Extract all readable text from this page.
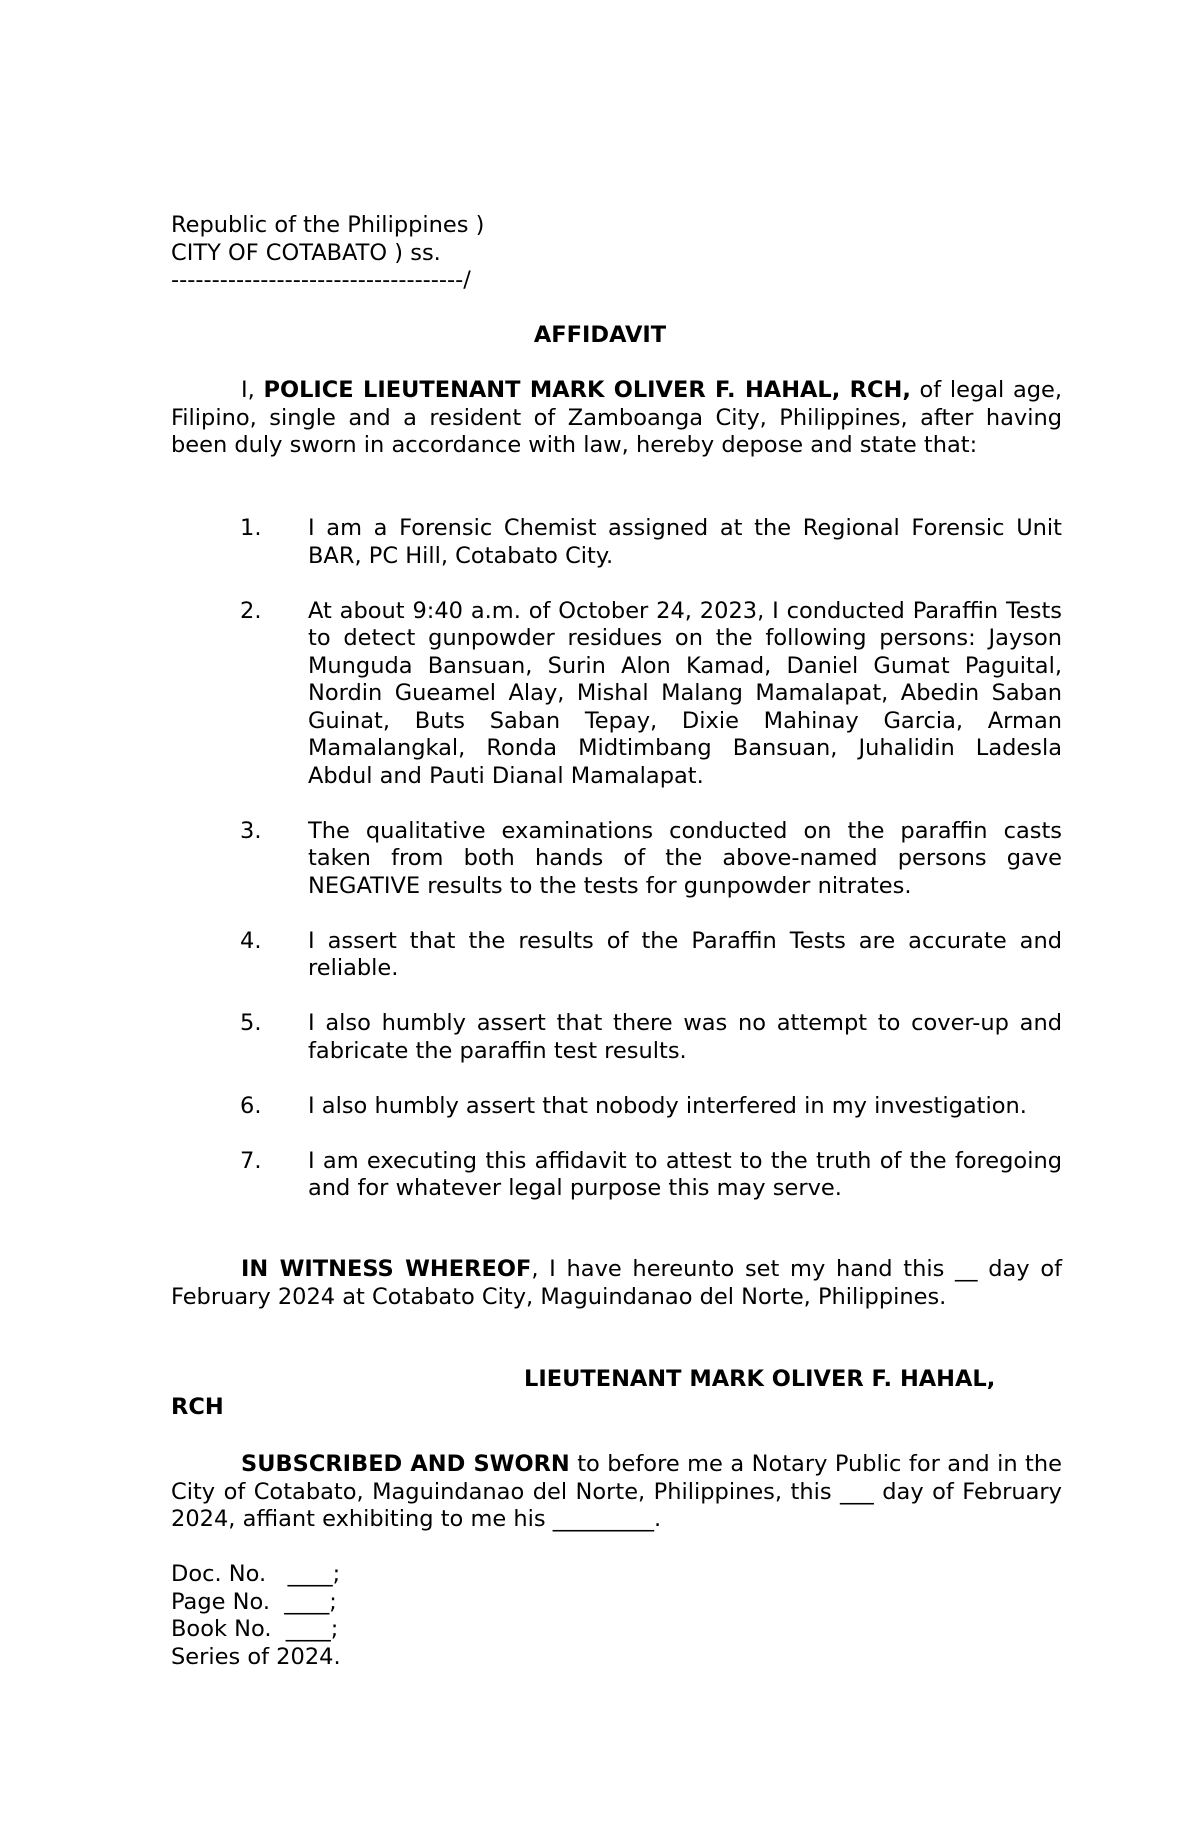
Republic of the Philippines )
CITY OF COTABATO ) ss.
------------------------------------/
AFFIDAVIT
I, POLICE LIEUTENANT MARK OLIVER F. HAHAL, RCH, of legal age, Filipino, single and a resident of Zamboanga City, Philippines, after having been duly sworn in accordance with law, hereby depose and state that:
1. I am a Forensic Chemist assigned at the Regional Forensic Unit BAR, PC Hill, Cotabato City.
2. At about 9:40 a.m. of October 24, 2023, I conducted Paraffin Tests to detect gunpowder residues on the following persons: Jayson Munguda Bansuan, Surin Alon Kamad, Daniel Gumat Paguital, Nordin Gueamel Alay, Mishal Malang Mamalapat, Abedin Saban Guinat, Buts Saban Tepay, Dixie Mahinay Garcia, Arman Mamalangkal, Ronda Midtimbang Bansuan, Juhalidin Ladesla Abdul and Pauti Dianal Mamalapat.
3. The qualitative examinations conducted on the paraffin casts taken from both hands of the above-named persons gave NEGATIVE results to the tests for gunpowder nitrates.
4. I assert that the results of the Paraffin Tests are accurate and reliable.
5. I also humbly assert that there was no attempt to cover-up and fabricate the paraffin test results.
6. I also humbly assert that nobody interfered in my investigation.
7. I am executing this affidavit to attest to the truth of the foregoing and for whatever legal purpose this may serve.
IN WITNESS WHEREOF, I have hereunto set my hand this __ day of February 2024 at Cotabato City, Maguindanao del Norte, Philippines.
LIEUTENANT MARK OLIVER F. HAHAL,
RCH
SUBSCRIBED AND SWORN to before me a Notary Public for and in the City of Cotabato, Maguindanao del Norte, Philippines, this ___ day of February 2024, affiant exhibiting to me his _________.
Doc. No.   ____;
Page No.  ____;
Book No.  ____;
Series of 2024.
